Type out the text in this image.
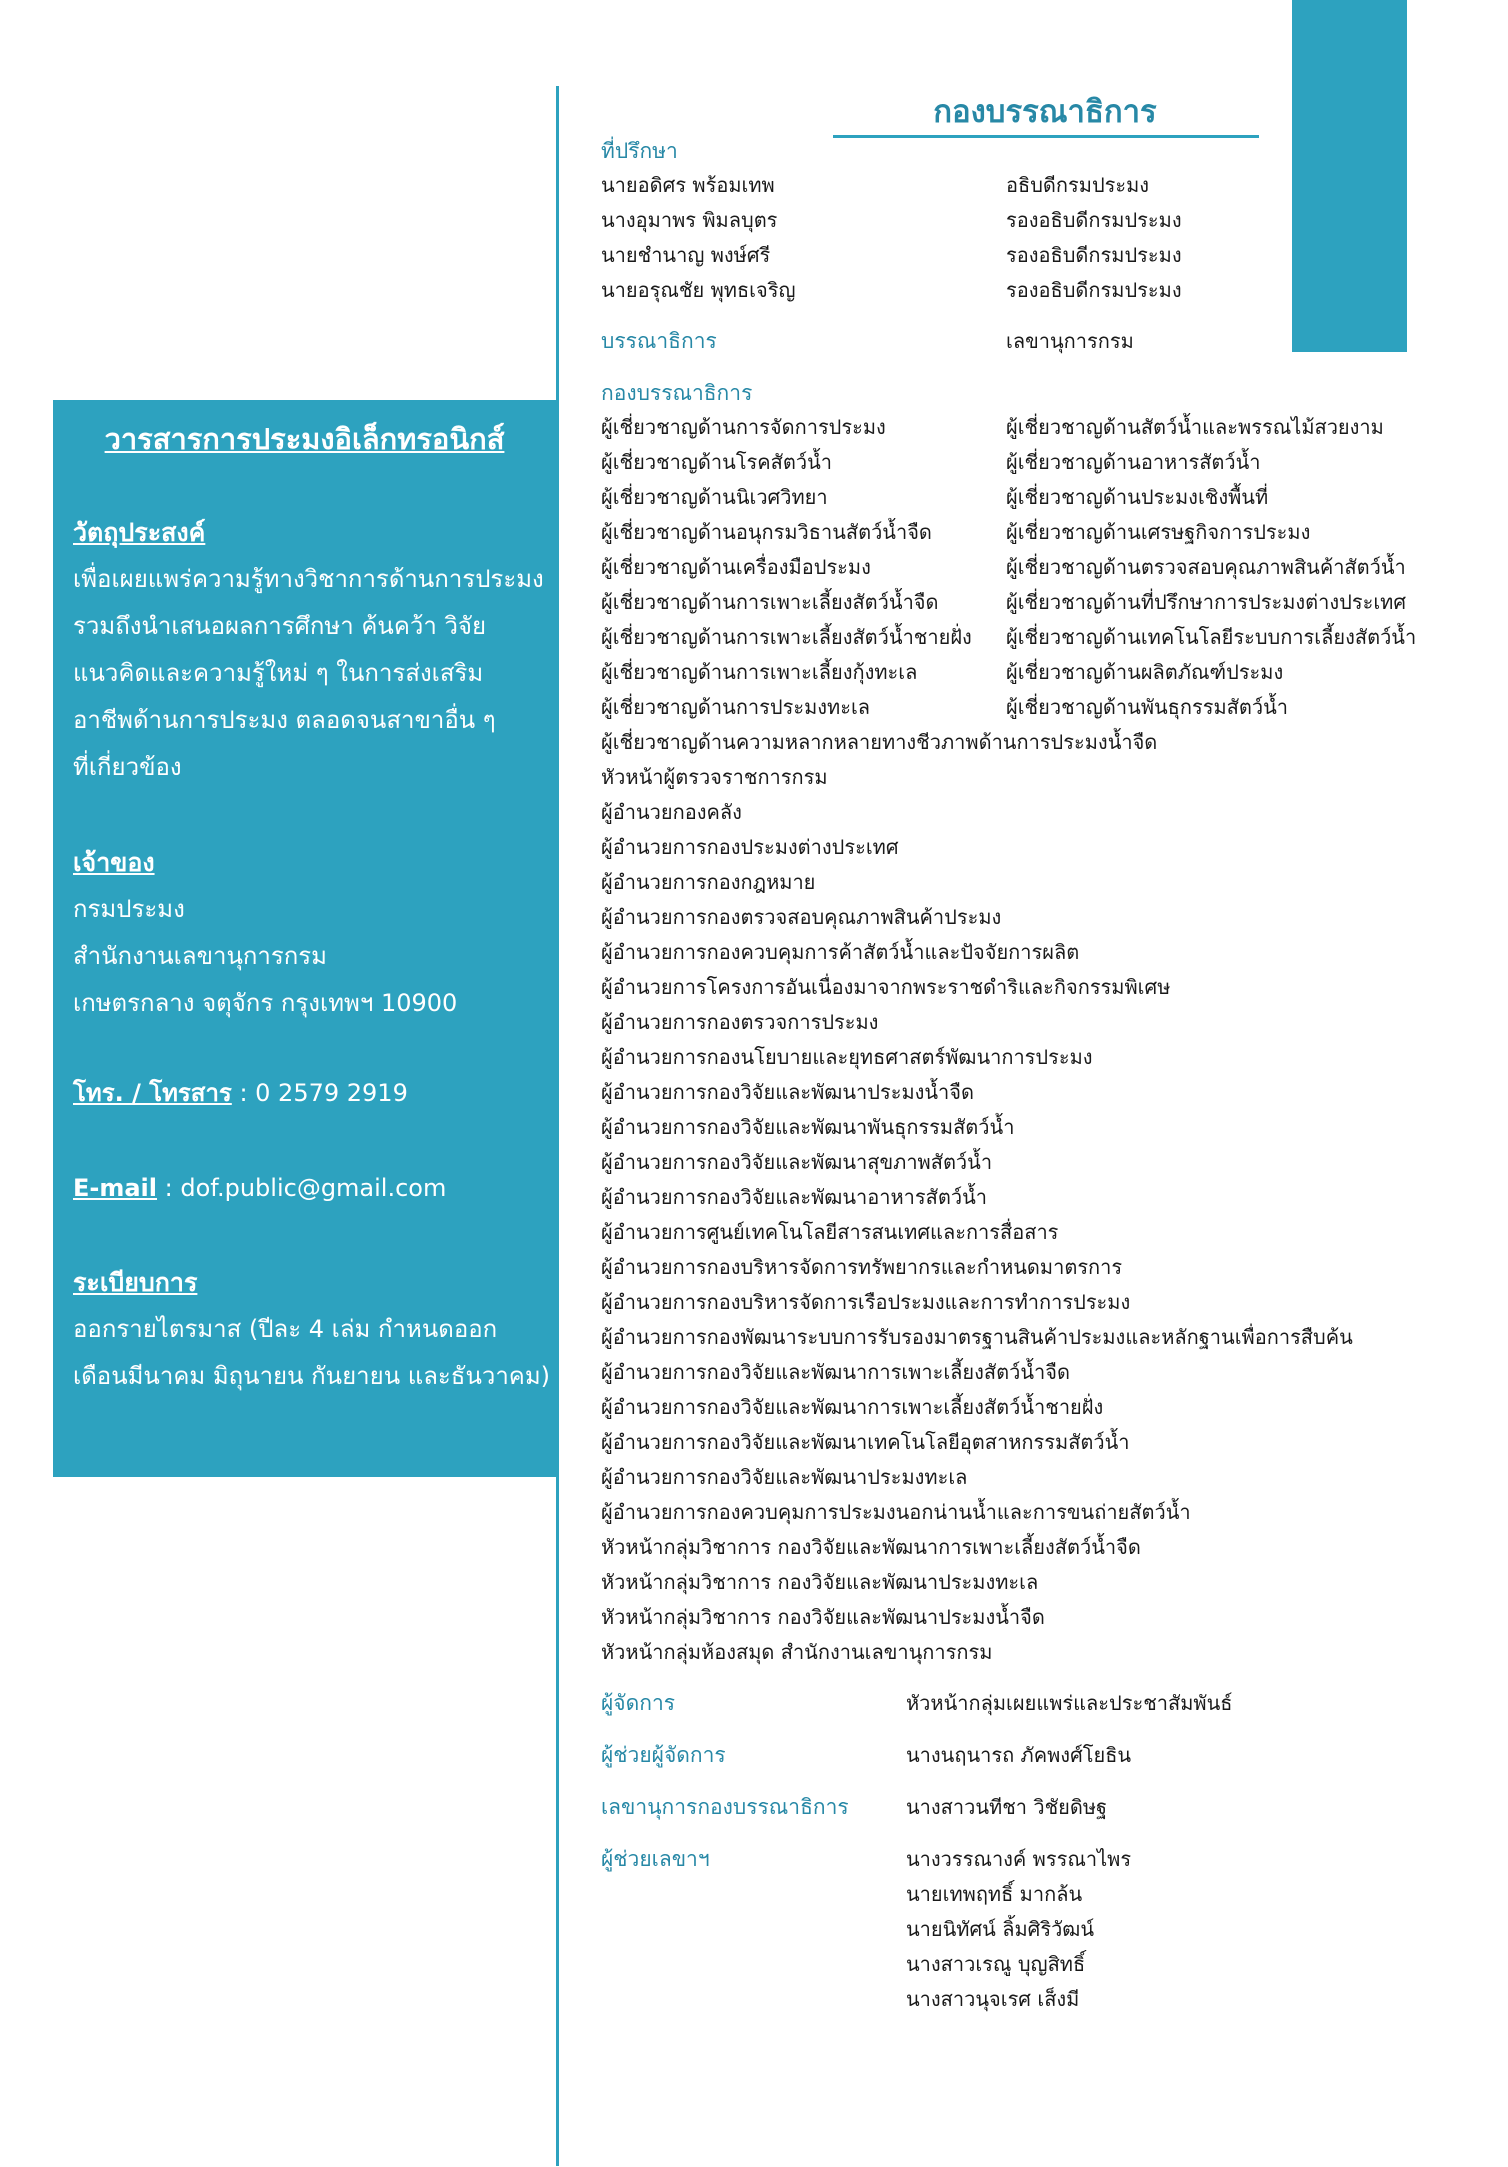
วารสารการประมงอิเล็กทรอนิกส์
วัตถุประสงค์
เพื่อเผยแพร่ความรู้ทางวิชาการด้านการประมง
รวมถึงนำเสนอผลการศึกษา ค้นคว้า วิจัย
แนวคิดและความรู้ใหม่ ๆ ในการส่งเสริม
อาชีพด้านการประมง ตลอดจนสาขาอื่น ๆ
ที่เกี่ยวข้อง
เจ้าของ
กรมประมง
สำนักงานเลขานุการกรม
เกษตรกลาง จตุจักร กรุงเทพฯ 10900
โทร. / โทรสาร : 0 2579 2919
E-mail : dof.public@gmail.com
ระเบียบการ
ออกรายไตรมาส (ปีละ 4 เล่ม กำหนดออก
เดือนมีนาคม มิถุนายน กันยายน และธันวาคม)
กองบรรณาธิการ
ที่ปรึกษา
นายอดิศร พร้อมเทพ	อธิบดีกรมประมง
นางอุมาพร พิมลบุตร	รองอธิบดีกรมประมง
นายชำนาญ พงษ์ศรี	รองอธิบดีกรมประมง
นายอรุณชัย พุทธเจริญ	รองอธิบดีกรมประมง
บรรณาธิการ	เลขานุการกรม
กองบรรณาธิการ
ผู้เชี่ยวชาญด้านการจัดการประมง	ผู้เชี่ยวชาญด้านสัตว์น้ำและพรรณไม้สวยงาม
ผู้เชี่ยวชาญด้านโรคสัตว์น้ำ	ผู้เชี่ยวชาญด้านอาหารสัตว์น้ำ
ผู้เชี่ยวชาญด้านนิเวศวิทยา	ผู้เชี่ยวชาญด้านประมงเชิงพื้นที่
ผู้เชี่ยวชาญด้านอนุกรมวิธานสัตว์น้ำจืด	ผู้เชี่ยวชาญด้านเศรษฐกิจการประมง
ผู้เชี่ยวชาญด้านเครื่องมือประมง	ผู้เชี่ยวชาญด้านตรวจสอบคุณภาพสินค้าสัตว์น้ำ
ผู้เชี่ยวชาญด้านการเพาะเลี้ยงสัตว์น้ำจืด	ผู้เชี่ยวชาญด้านที่ปรึกษาการประมงต่างประเทศ
ผู้เชี่ยวชาญด้านการเพาะเลี้ยงสัตว์น้ำชายฝั่ง ผู้เชี่ยวชาญด้านเทคโนโลยีระบบการเลี้ยงสัตว์น้ำ
ผู้เชี่ยวชาญด้านการเพาะเลี้ยงกุ้งทะเล	ผู้เชี่ยวชาญด้านผลิตภัณฑ์ประมง
ผู้เชี่ยวชาญด้านการประมงทะเล	ผู้เชี่ยวชาญด้านพันธุกรรมสัตว์น้ำ
ผู้เชี่ยวชาญด้านความหลากหลายทางชีวภาพด้านการประมงน้ำจืด
หัวหน้าผู้ตรวจราชการกรม
ผู้อำนวยกองคลัง
ผู้อำนวยการกองประมงต่างประเทศ
ผู้อำนวยการกองกฎหมาย
ผู้อำนวยการกองตรวจสอบคุณภาพสินค้าประมง
ผู้อำนวยการกองควบคุมการค้าสัตว์น้ำและปัจจัยการผลิต
ผู้อำนวยการโครงการอันเนื่องมาจากพระราชดำริและกิจกรรมพิเศษ
ผู้อำนวยการกองตรวจการประมง
ผู้อำนวยการกองนโยบายและยุทธศาสตร์พัฒนาการประมง
ผู้อำนวยการกองวิจัยและพัฒนาประมงน้ำจืด
ผู้อำนวยการกองวิจัยและพัฒนาพันธุกรรมสัตว์น้ำ
ผู้อำนวยการกองวิจัยและพัฒนาสุขภาพสัตว์น้ำ
ผู้อำนวยการกองวิจัยและพัฒนาอาหารสัตว์น้ำ
ผู้อำนวยการศูนย์เทคโนโลยีสารสนเทศและการสื่อสาร
ผู้อำนวยการกองบริหารจัดการทรัพยากรและกำหนดมาตรการ
ผู้อำนวยการกองบริหารจัดการเรือประมงและการทำการประมง
ผู้อำนวยการกองพัฒนาระบบการรับรองมาตรฐานสินค้าประมงและหลักฐานเพื่อการสืบค้น
ผู้อำนวยการกองวิจัยและพัฒนาการเพาะเลี้ยงสัตว์น้ำจืด
ผู้อำนวยการกองวิจัยและพัฒนาการเพาะเลี้ยงสัตว์น้ำชายฝั่ง
ผู้อำนวยการกองวิจัยและพัฒนาเทคโนโลยีอุตสาหกรรมสัตว์น้ำ
ผู้อำนวยการกองวิจัยและพัฒนาประมงทะเล
ผู้อำนวยการกองควบคุมการประมงนอกน่านน้ำและการขนถ่ายสัตว์น้ำ
หัวหน้ากลุ่มวิชาการ กองวิจัยและพัฒนาการเพาะเลี้ยงสัตว์น้ำจืด
หัวหน้ากลุ่มวิชาการ กองวิจัยและพัฒนาประมงทะเล
หัวหน้ากลุ่มวิชาการ กองวิจัยและพัฒนาประมงน้ำจืด
หัวหน้ากลุ่มห้องสมุด สำนักงานเลขานุการกรม
ผู้จัดการ	หัวหน้ากลุ่มเผยแพร่และประชาสัมพันธ์
ผู้ช่วยผู้จัดการ	นางนฤนารถ ภัคพงศ์โยธิน
เลขานุการกองบรรณาธิการ	นางสาวนทีชา วิชัยดิษฐ
ผู้ช่วยเลขาฯ	นางวรรณางค์ พรรณาไพร
นายเทพฤทธิ์ มากล้น
นายนิทัศน์ ลิ้มศิริวัฒน์
นางสาวเรณู บุญสิทธิ์
นางสาวนุจเรศ เส็งมี
